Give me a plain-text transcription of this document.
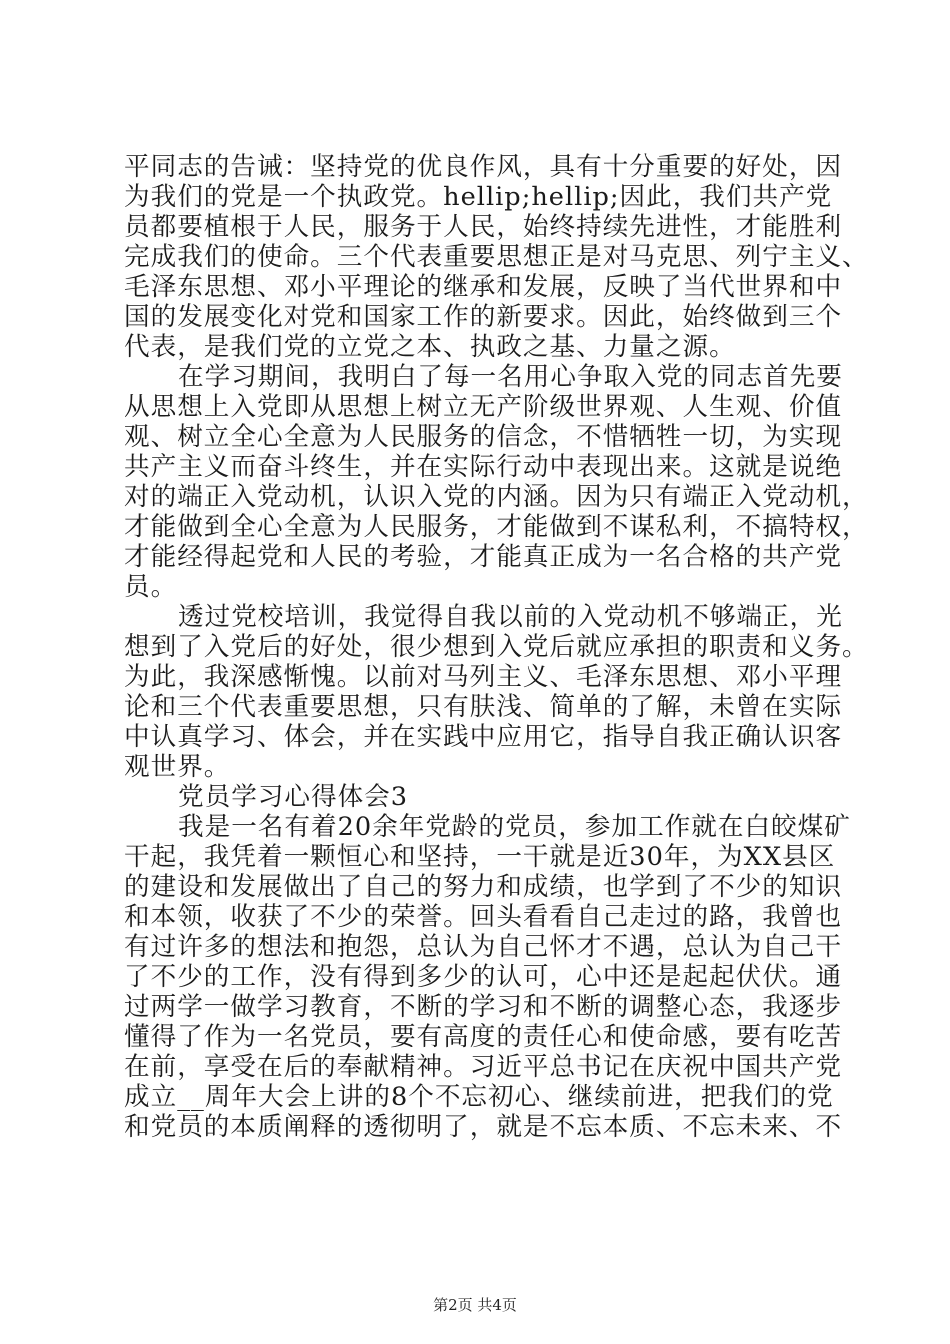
平同志的告诫：坚持党的优良作风，具有十分重要的好处，因
为我们的党是一个执政党。hellip;hellip;因此，我们共产党
员都要植根于人民，服务于人民，始终持续先进性，才能胜利
完成我们的使命。三个代表重要思想正是对马克思、列宁主义、
毛泽东思想、邓小平理论的继承和发展，反映了当代世界和中
国的发展变化对党和国家工作的新要求。因此，始终做到三个
代表，是我们党的立党之本、执政之基、力量之源。
在学习期间，我明白了每一名用心争取入党的同志首先要
从思想上入党即从思想上树立无产阶级世界观、人生观、价值
观、树立全心全意为人民服务的信念，不惜牺牲一切，为实现
共产主义而奋斗终生，并在实际行动中表现出来。这就是说绝
对的端正入党动机，认识入党的内涵。因为只有端正入党动机，
才能做到全心全意为人民服务，才能做到不谋私利，不搞特权，
才能经得起党和人民的考验，才能真正成为一名合格的共产党
员。
透过党校培训，我觉得自我以前的入党动机不够端正，光
想到了入党后的好处，很少想到入党后就应承担的职责和义务。
为此，我深感惭愧。以前对马列主义、毛泽东思想、邓小平理
论和三个代表重要思想，只有肤浅、简单的了解，未曾在实际
中认真学习、体会，并在实践中应用它，指导自我正确认识客
观世界。
党员学习心得体会3
我是一名有着20余年党龄的党员，参加工作就在白皎煤矿
干起，我凭着一颗恒心和坚持，一干就是近30年，为XX县区
的建设和发展做出了自己的努力和成绩，也学到了不少的知识
和本领，收获了不少的荣誉。回头看看自己走过的路，我曾也
有过许多的想法和抱怨，总认为自己怀才不遇，总认为自己干
了不少的工作，没有得到多少的认可，心中还是起起伏伏。通
过两学一做学习教育，不断的学习和不断的调整心态，我逐步
懂得了作为一名党员，要有高度的责任心和使命感，要有吃苦
在前，享受在后的奉献精神。习近平总书记在庆祝中国共产党
成立__周年大会上讲的8个不忘初心、继续前进，把我们的党
和党员的本质阐释的透彻明了，就是不忘本质、不忘未来、不
第2页 共4页
